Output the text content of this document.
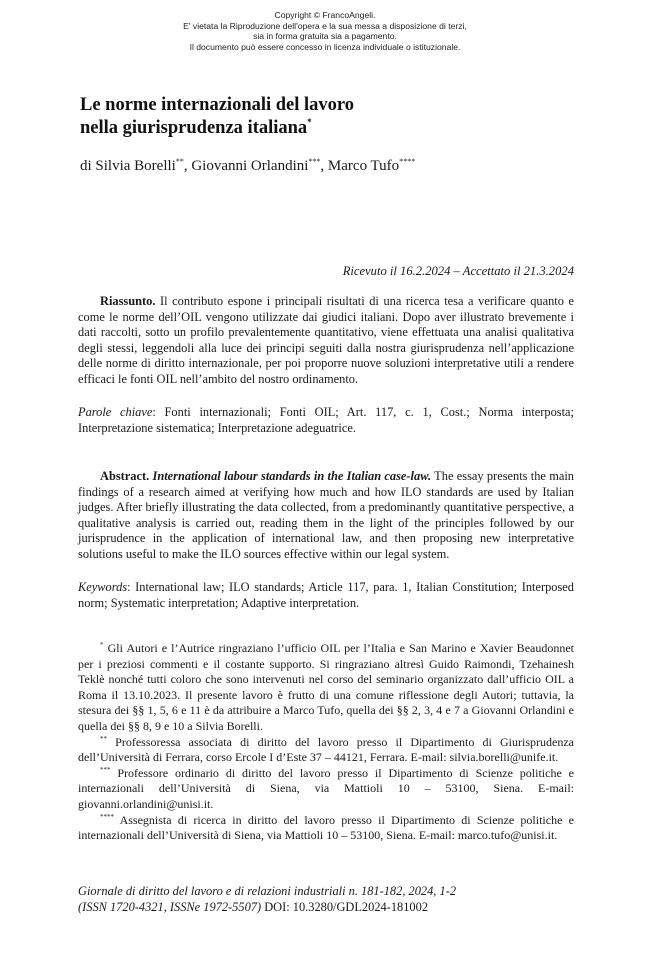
Copyright © FrancoAngeli.
E' vietata la Riproduzione dell'opera e la sua messa a disposizione di terzi,
sia in forma gratuita sia a pagamento.
Il documento può essere concesso in licenza individuale o istituzionale.
Le norme internazionali del lavoro
nella giurisprudenza italiana*
di Silvia Borelli**, Giovanni Orlandini***, Marco Tufo****
Ricevuto il 16.2.2024 – Accettato il 21.3.2024

Riassunto. Il contributo espone i principali risultati di una ricerca tesa a verificare quanto e come le norme dell’OIL vengono utilizzate dai giudici italiani. Dopo aver illustrato brevemente i dati raccolti, sotto un profilo prevalentemente quantitativo, viene effettuata una analisi qualitativa degli stessi, leggendoli alla luce dei principi seguiti dalla nostra giurisprudenza nell’applicazione delle norme di diritto internazionale, per poi proporre nuove soluzioni interpretative utili a rendere efficaci le fonti OIL nell’ambito del nostro ordinamento.

Parole chiave: Fonti internazionali; Fonti OIL; Art. 117, c. 1, Cost.; Norma interposta; Interpretazione sistematica; Interpretazione adeguatrice.

Abstract. International labour standards in the Italian case-law. The essay presents the main findings of a research aimed at verifying how much and how ILO standards are used by Italian judges. After briefly illustrating the data collected, from a predominantly quantitative perspective, a qualitative analysis is carried out, reading them in the light of the principles followed by our jurisprudence in the application of international law, and then proposing new interpretative solutions useful to make the ILO sources effective within our legal system.

Keywords: International law; ILO standards; Article 117, para. 1, Italian Constitution; Interposed norm; Systematic interpretation; Adaptive interpretation.

* Gli Autori e l’Autrice ringraziano l’ufficio OIL per l’Italia e San Marino e Xavier Beaudonnet per i preziosi commenti e il costante supporto. Si ringraziano altresì Guido Raimondi, Tzehainesh Teklè nonché tutti coloro che sono intervenuti nel corso del seminario organizzato dall’ufficio OIL a Roma il 13.10.2023. Il presente lavoro è frutto di una comune riflessione degli Autori; tuttavia, la stesura dei §§ 1, 5, 6 e 11 è da attribuire a Marco Tufo, quella dei §§ 2, 3, 4 e 7 a Giovanni Orlandini e quella dei §§ 8, 9 e 10 a Silvia Borelli.

** Professoressa associata di diritto del lavoro presso il Dipartimento di Giurisprudenza dell’Università di Ferrara, corso Ercole I d’Este 37 – 44121, Ferrara. E-mail: silvia.borelli@unife.it.

*** Professore ordinario di diritto del lavoro presso il Dipartimento di Scienze politiche e internazionali dell’Università di Siena, via Mattioli 10 – 53100, Siena. E-mail: giovanni.orlandini@unisi.it.

**** Assegnista di ricerca in diritto del lavoro presso il Dipartimento di Scienze politiche e internazionali dell’Università di Siena, via Mattioli 10 – 53100, Siena. E-mail: marco.tufo@unisi.it.

Giornale di diritto del lavoro e di relazioni industriali n. 181-182, 2024, 1-2
(ISSN 1720-4321, ISSNe 1972-5507) DOI: 10.3280/GDL2024-181002
